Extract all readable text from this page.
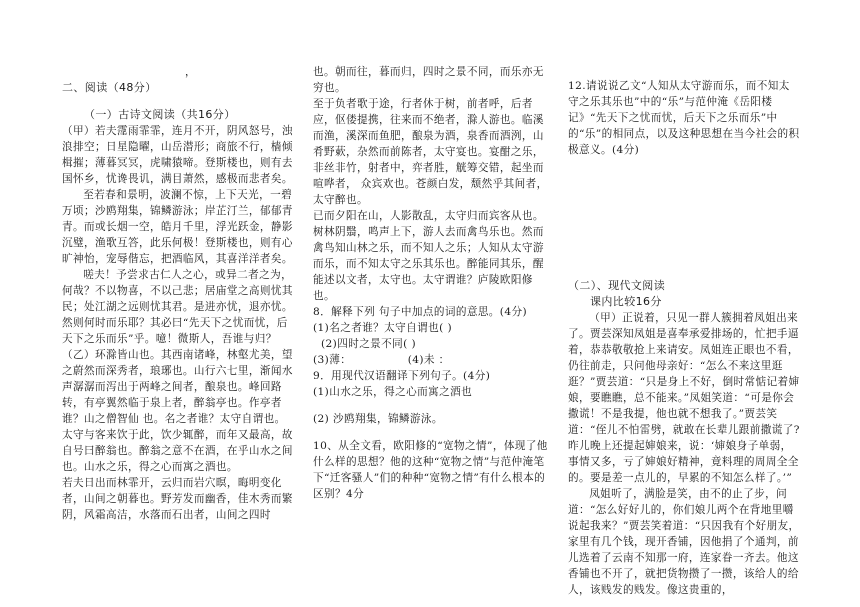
，

二、阅读（48分）

（一）古诗文阅读（共16分）

（甲）若夫霪雨霏霏，连月不开，阴风怒号，浊浪排空；日星隐曜，山岳潜形；商旅不行，樯倾楫摧；薄暮冥冥，虎啸猿啼。登斯楼也，则有去国怀乡，忧谗畏讥，满目萧然，感极而悲者矣。

至若春和景明，波澜不惊，上下天光，一碧万顷；沙鸥翔集，锦鳞游泳；岸芷汀兰，郁郁青青。而或长烟一空，皓月千里，浮光跃金，静影沉璧，渔歌互答，此乐何极！登斯楼也，则有心旷神怡，宠辱偕忘，把酒临风，其喜洋洋者矣。

嗟夫！予尝求古仁人之心，或异二者之为，何哉？不以物喜，不以己悲；居庙堂之高则忧其民；处江湖之远则忧其君。是进亦忧，退亦忧。然则何时而乐耶？其必曰“先天下之忧而忧，后天下之乐而乐”乎。噫！微斯人，吾谁与归？

（乙）环滁皆山也。其西南诸峰，林壑尤美，望之蔚然而深秀者，琅琊也。山行六七里，渐闻水声潺潺而泻出于两峰之间者，酿泉也。峰回路转，有亭翼然临于泉上者，醉翁亭也。作亭者谁？山之僧智仙 也。名之者谁？太守自谓也。太守与客来饮于此，饮少辄醉，而年又最高，故自号曰醉翁也。醉翁之意不在酒，在乎山水之间也。山水之乐，得之心而寓之酒也。

若夫日出而林霏开，云归而岩穴暝，晦明变化者，山间之朝暮也。野芳发而幽香，佳木秀而繁阴，风霜高洁，水落而石出者，山间之四时

也。朝而往，暮而归，四时之景不同，而乐亦无穷也。

至于负者歌于途，行者休于树，前者呼，后者应，伛偻提携，往来而不绝者，滁人游也。临溪而渔，溪深而鱼肥，酿泉为酒，泉香而酒洌，山肴野蔌，杂然而前陈者，太守宴也。宴酣之乐，非丝非竹，射者中，弈者胜，觥筹交错，起坐而喧哗者， 众宾欢也。苍颜白发，颓然乎其间者，太守醉也。

已而夕阳在山，人影散乱，太守归而宾客从也。树林阴翳，鸣声上下，游人去而禽鸟乐也。然而禽鸟知山林之乐，而不知人之乐；人知从太守游而乐，而不知太守之乐其乐也。醉能同其乐，醒能述以文者，太守也。太守谓谁？庐陵欧阳修也。

8．解释下列 句子中加点的词的意思。(4分)

(1)名之者谁？太守自谓也( )

(2)四时之景不同( )

(3)薄：               (4)未 ：

9．用现代汉语翻译下列句子。(4分)

(1)山水之乐，得之心而寓之酒也

(2) 沙鸥翔集，锦鳞游泳。

10、从全文看，欧阳修的“宽物之情”，体现了他什么样的思想？他的这种“宽物之情”与范仲淹笔下“迁客骚人”们的种种“宽物之情”有什么根本的区别？4分

12.请说说乙文“人知从太守游而乐，而不知太守之乐其乐也”中的“乐”与范仲淹《岳阳楼记》“先天下之忧而忧，后天下之乐而乐”中的“乐”的相同点，以及这种思想在当今社会的积极意义。(4分)

（二）、现代文阅读

课内比较16分

（甲）正说着，只见一群人簇拥着凤姐出来了。贾芸深知凤姐是喜奉承爱排场的，忙把手逼着，恭恭敬敬抢上来请安。凤姐连正眼也不看，仍往前走，只问他母亲好：“怎么不来这里逛逛？”贾芸道：“只是身上不好，倒时常惦记着婶娘，要瞧瞧，总不能来。”凤姐笑道：“可是你会撒谎！不是我提，他也就不想我了。”贾芸笑道：“侄儿不怕雷劈，就敢在长辈儿跟前撒谎了?昨儿晚上还提起婶娘来，说：‘婶娘身子单弱，事情又多，亏了婶娘好精神，竟料理的周周全全的。要是差一点儿的，早累的不知怎么样了。’”

凤姐听了，满脸是笑，由不的止了步，问道：“怎么好好儿的，你们娘儿两个在背地里嚼说起我来？”贾芸笑着道：“只因我有个好朋友，家里有几个钱，现开香铺，因他捐了个通判，前儿选着了云南不知那一府，连家眷一齐去。他这香铺也不开了，就把货物攒了一攒，该给人的给人，该贱发的贱发。像这贵重的，
